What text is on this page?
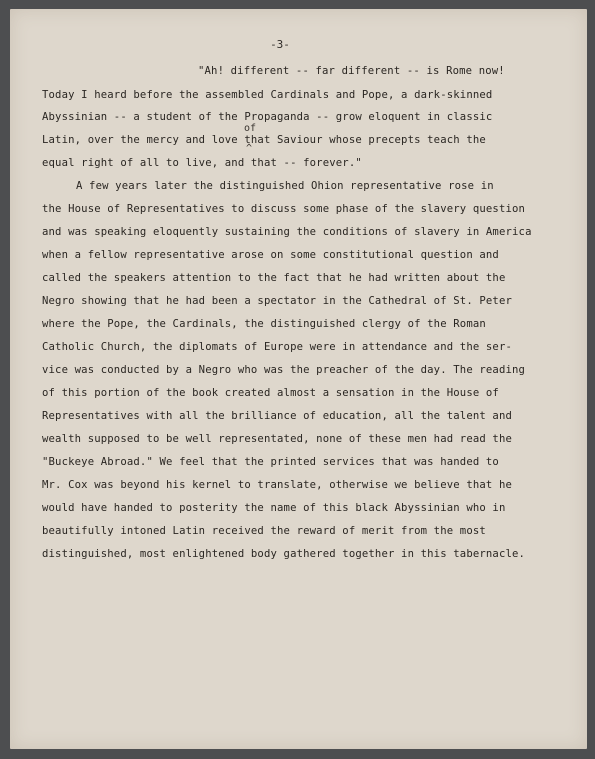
-3-
"Ah! different -- far different -- is Rome now!
Today I heard before the assembled Cardinals and Pope, a dark-skinned
Abyssinian -- a student of the Propaganda -- grow eloquent in classic
of
Latin, over the mercy and love that Saviour whose precepts teach the
^
equal right of all to live, and that -- forever."
A few years later the distinguished Ohion representative rose in
the House of Representatives to discuss some phase of the slavery question
and was speaking eloquently sustaining the conditions of slavery in America
when a fellow representative arose on some constitutional question and
called the speakers attention to the fact that he had written about the
Negro showing that he had been a spectator in the Cathedral of St. Peter
where the Pope, the Cardinals, the distinguished clergy of the Roman
Catholic Church, the diplomats of Europe were in attendance and the ser-
vice was conducted by a Negro who was the preacher of the day. The reading
of this portion of the book created almost a sensation in the House of
Representatives with all the brilliance of education, all the talent and
wealth supposed to be well representated, none of these men had read the
"Buckeye Abroad." We feel that the printed services that was handed to
Mr. Cox was beyond his kernel to translate, otherwise we believe that he
would have handed to posterity the name of this black Abyssinian who in
beautifully intoned Latin received the reward of merit from the most
distinguished, most enlightened body gathered together in this tabernacle.
